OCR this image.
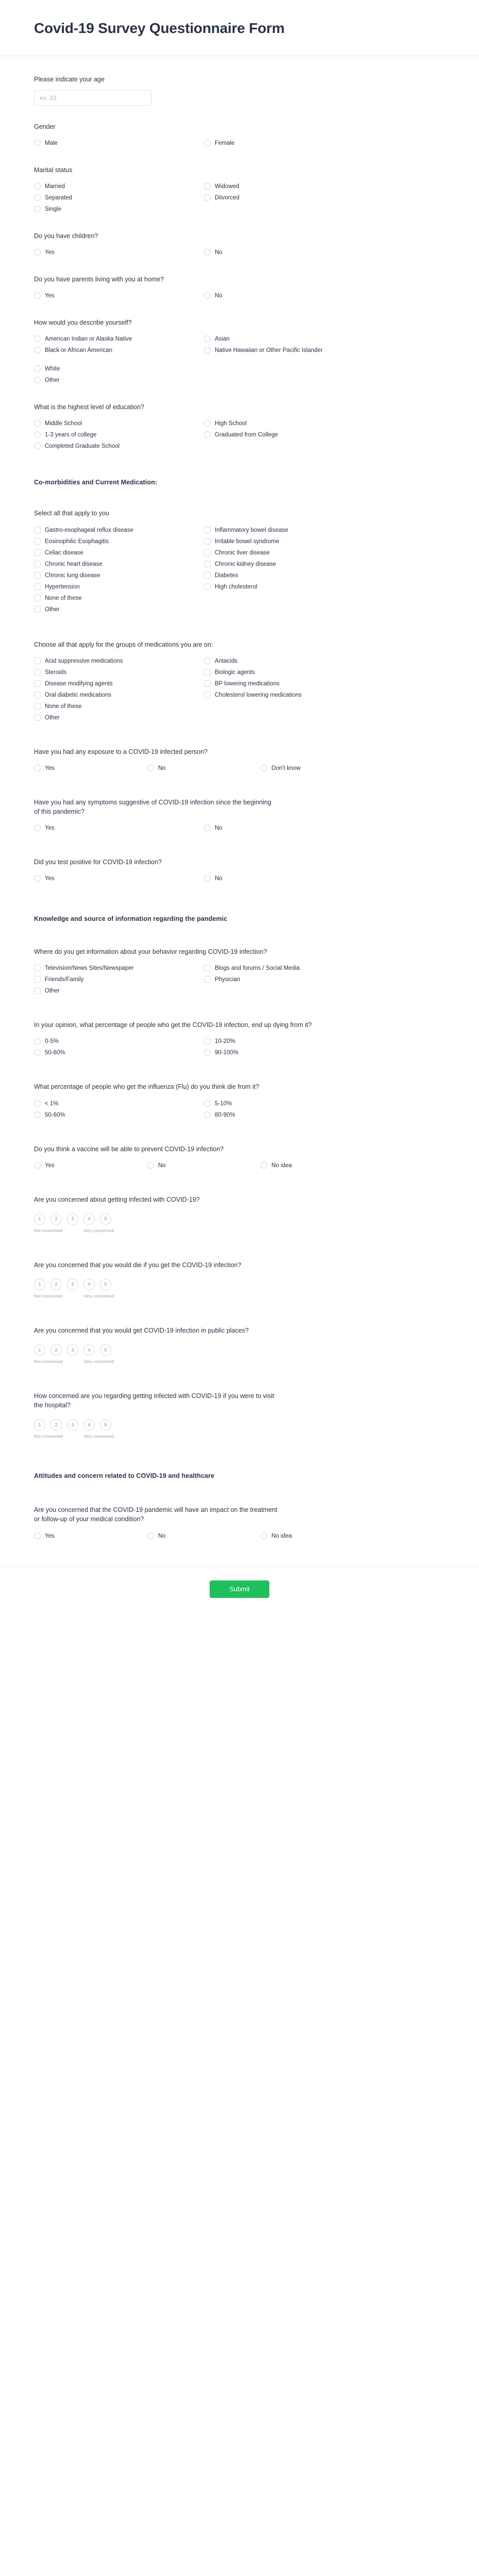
Covid-19 Survey Questionnaire Form
Please indicate your age
ex: 23
Gender
Male	Female
Marital status
Married
Separated
Single
Widowed
Diivorced
Do you have children?
Yes	No
Do you have parents living with you at home?
Yes	No
How would you describe yourself?
American Indian or Alaska Native
Black or African American
White
Other
Asian
Native Hawaiian or Other Pacific Islander
What is the highest level of education?
Middle School
1-3 years of college
Completed Graduate School
High School
Graduated from College
Co-morbidities and Current Medication:
Select all that apply to you
Gastro-esophageal reflux disease
Eosinophilic Esophagitis
Celiac disease
Chronic heart disease
Chronic lung disease
Hypertension
None of these
Other
Inflammatory bowel disease
Irritable bowel syndrome
Chronic liver disease
Chronic kidney disease
Diabetes
High cholesterol
Choose all that apply for the groups of medications you are on:
Acid suppressive medications
Steroids
Disease modifying agents
Oral diabetic medications
None of these
Other
Antacids
Biologic agents
BP lowering medications
Cholesterol lowering medications
Have you had any exposure to a COVID-19 infected person?
Yes	No	Don't know
Have you had any symptoms suggestive of COVID-19 infection since the beginning of this pandemic?
Yes	No
Did you test positive for COVID-19 infection?
Yes	No
Knowledge and source of information regarding the pandemic
Where do you get information about your behavior regarding COVID-19 infection?
Television/News Sites/Newspaper
Friends/Family
Other
Blogs and forums / Social Media
Physician
In your opinion, what percentage of people who get the COVID-19 infection, end up dying from it?
0-5%
50-60%
10-20%
90-100%
What percentage of people who get the influenza (Flu) do you think die from it?
< 1%
50-60%
5-10%
80-90%
Do you think a vaccine will be able to prevent COVID-19 infection?
Yes	No	No idea
Are you concerned about getting infected with COVID-19?
1	2	3	4	5
Not concerned	Very concerned
Are you concerned that you would die if you get the COVID-19 infection?
1	2	3	4	5
Not concerned	Very concerned
Are you concerned that you would get COVID-19 infection in public places?
1	2	3	4	5
Not concerned	Very concerned
How concerned are you regarding getting infected with COVID-19 if you were to visit the hospital?
1	2	3	4	5
Not concerned	Very concerned
Attitudes and concern related to COVID-19 and healthcare
Are you concerned that the COVID-19 pandemic will have an impact on the treatment or follow-up of your medical condition?
Yes	No	No idea
Submit
